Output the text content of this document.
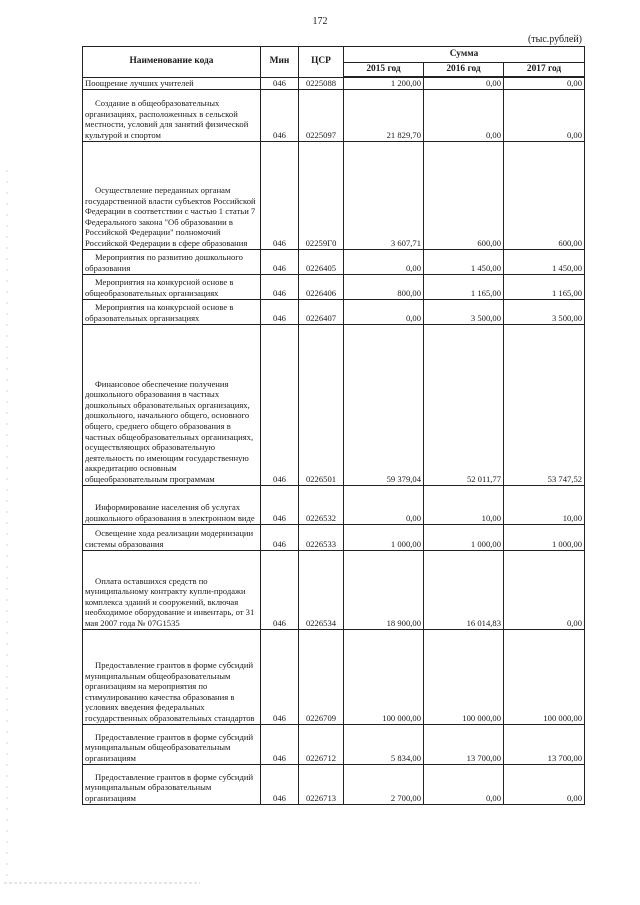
172
(тыс.рублей)
Наименование кода	Мин	ЦСР	Сумма		
			2015 год	2016 год	2017 год
Поощрение лучших учителей	046	0225088	1 200,00	0,00	0,00
Создание в общеобразовательных организациях, расположенных в сельской местности, условий для занятий физической культурой и спортом	046	0225097	21 829,70	0,00	0,00
Осуществление переданных органам государственной власти субъектов Российской Федерации в соответствии с частью 1 статьи 7 Федерального закона "Об образовании в Российской Федерации" полномочий Российской Федерации в сфере образования	046	02259Г0	3 607,71	600,00	600,00
Мероприятия по развитию дошкольного образования	046	0226405	0,00	1 450,00	1 450,00
Мероприятия на конкурсной основе в общеобразовательных организациях	046	0226406	800,00	1 165,00	1 165,00
Мероприятия на конкурсной основе в образовательных организациях	046	0226407	0,00	3 500,00	3 500,00
Финансовое обеспечение получения дошкольного образования в частных дошкольных образовательных организациях, дошкольного, начального общего, основного общего, среднего общего образования в частных общеобразовательных организациях, осуществляющих образовательную деятельность по имеющим государственную аккредитацию основным общеобразовательным программам	046	0226501	59 379,04	52 011,77	53 747,52
Информирование населения об услугах дошкольного образования в электронном виде	046	0226532	0,00	10,00	10,00
Освещение хода реализации модернизации системы образования	046	0226533	1 000,00	1 000,00	1 000,00
Оплата оставшихся средств по муниципальному контракту купли-продажи комплекса зданий и сооружений, включая необходимое оборудование и инвентарь, от 31 мая 2007 года № 07G1535	046	0226534	18 900,00	16 014,83	0,00
Предоставление грантов в форме субсидий муниципальным общеобразовательным организациям на мероприятия по стимулированию качества образования в условиях введения федеральных государственных образовательных стандартов	046	0226709	100 000,00	100 000,00	100 000,00
Предоставление грантов в форме субсидий муниципальным общеобразовательным организациям	046	0226712	5 834,00	13 700,00	13 700,00
Предоставление грантов в форме субсидий муниципальным образовательным организациям	046	0226713	2 700,00	0,00	0,00
